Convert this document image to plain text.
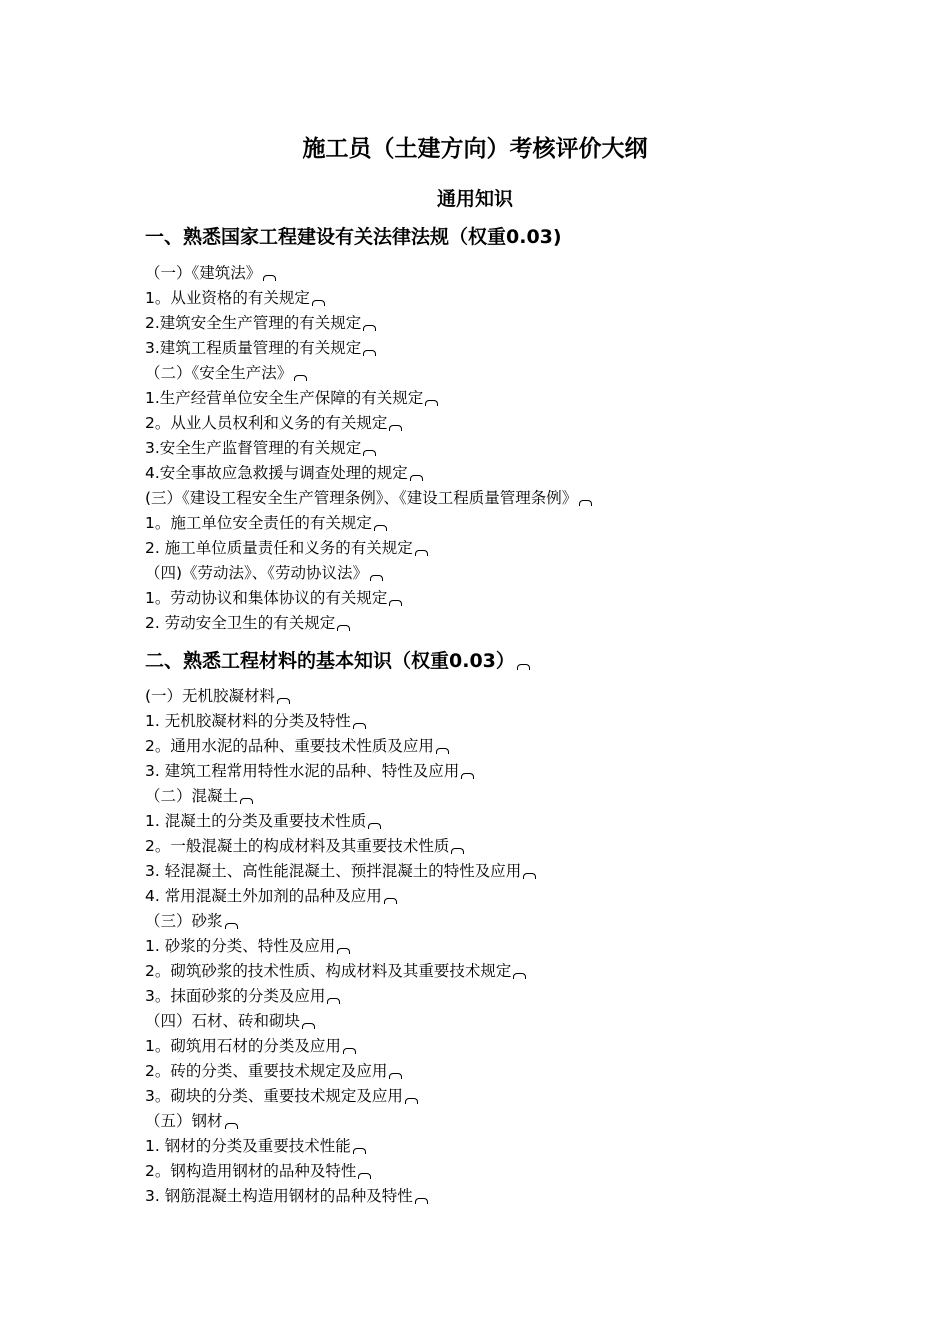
施工员（土建方向）考核评价大纲
通用知识
一、熟悉国家工程建设有关法律法规（权重0.03)
（一）《建筑法》
1。从业资格的有关规定
2.建筑安全生产管理的有关规定
3.建筑工程质量管理的有关规定
（二）《安全生产法》
1.生产经营单位安全生产保障的有关规定
2。从业人员权利和义务的有关规定
3.安全生产监督管理的有关规定
4.安全事故应急救援与调查处理的规定
(三）《建设工程安全生产管理条例》、《建设工程质量管理条例》
1。施工单位安全责任的有关规定
2. 施工单位质量责任和义务的有关规定
（四)《劳动法》、《劳动协议法》
1。劳动协议和集体协议的有关规定
2. 劳动安全卫生的有关规定
二、熟悉工程材料的基本知识（权重0.03）
(一）无机胶凝材料
1. 无机胶凝材料的分类及特性
2。通用水泥的品种、重要技术性质及应用
3. 建筑工程常用特性水泥的品种、特性及应用
（二）混凝土
1. 混凝土的分类及重要技术性质
2。一般混凝土的构成材料及其重要技术性质
3. 轻混凝土、高性能混凝土、预拌混凝土的特性及应用
4. 常用混凝土外加剂的品种及应用
（三）砂浆
1. 砂浆的分类、特性及应用
2。砌筑砂浆的技术性质、构成材料及其重要技术规定
3。抹面砂浆的分类及应用
（四）石材、砖和砌块
1。砌筑用石材的分类及应用
2。砖的分类、重要技术规定及应用
3。砌块的分类、重要技术规定及应用
（五）钢材
1. 钢材的分类及重要技术性能
2。钢构造用钢材的品种及特性
3. 钢筋混凝土构造用钢材的品种及特性
